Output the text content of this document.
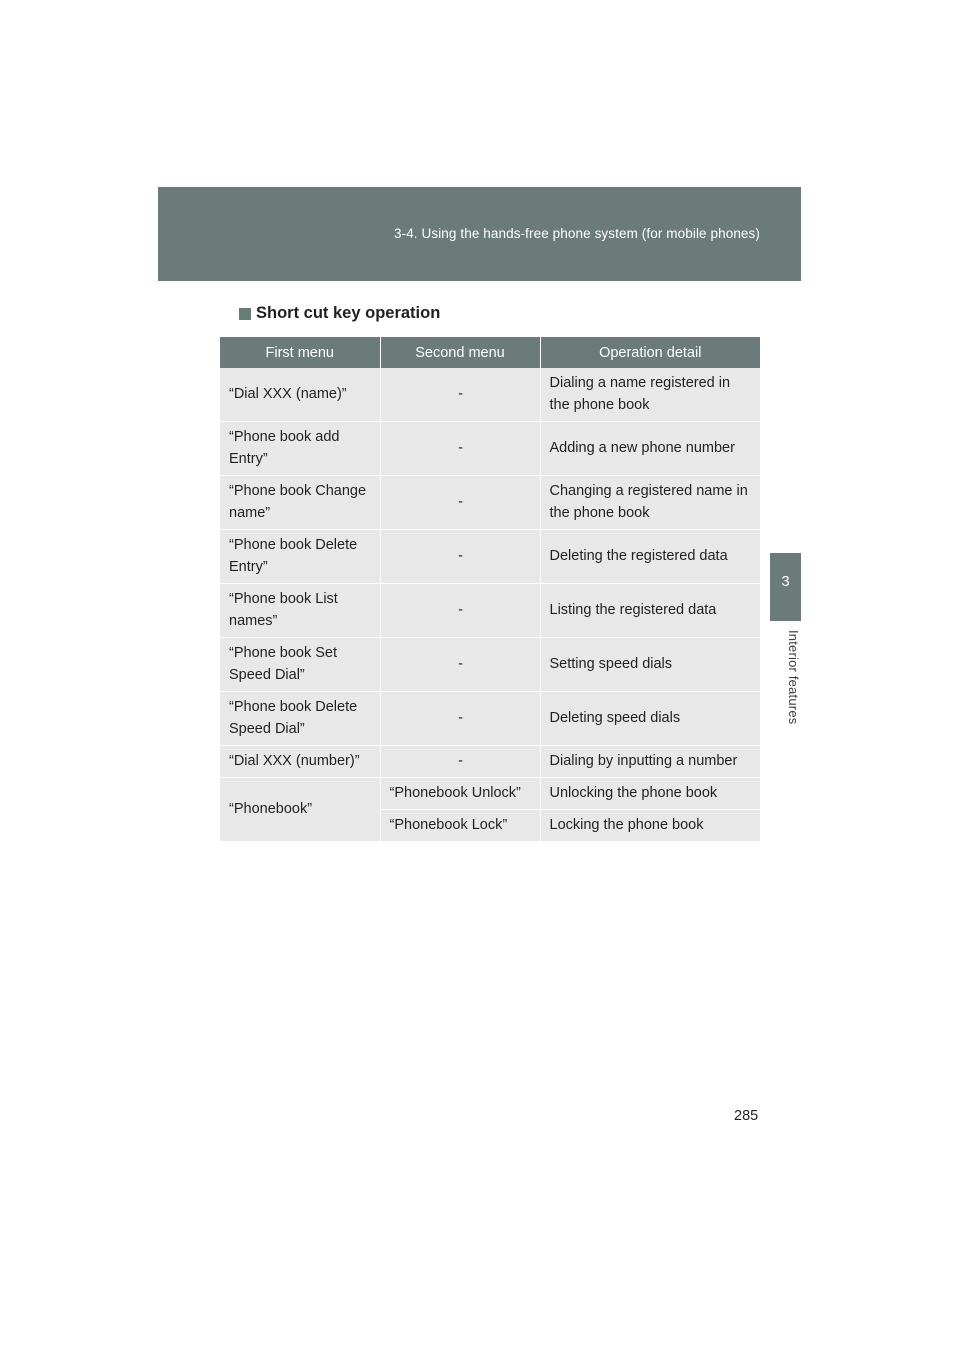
3-4. Using the hands-free phone system (for mobile phones)
3
Interior features
Short cut key operation
First menu	Second menu	Operation detail
“Dial XXX (name)”	-	Dialing a name registered in the phone book
“Phone book add Entry”	-	Adding a new phone number
“Phone book Change name”	-	Changing a registered name in the phone book
“Phone book Delete Entry”	-	Deleting the registered data
“Phone book List names”	-	Listing the registered data
“Phone book Set Speed Dial”	-	Setting speed dials
“Phone book Delete Speed Dial”	-	Deleting speed dials
“Dial XXX (number)”	-	Dialing by inputting a number
“Phonebook”	“Phonebook Unlock”	Unlocking the phone book
	“Phonebook Lock”	Locking the phone book
285
